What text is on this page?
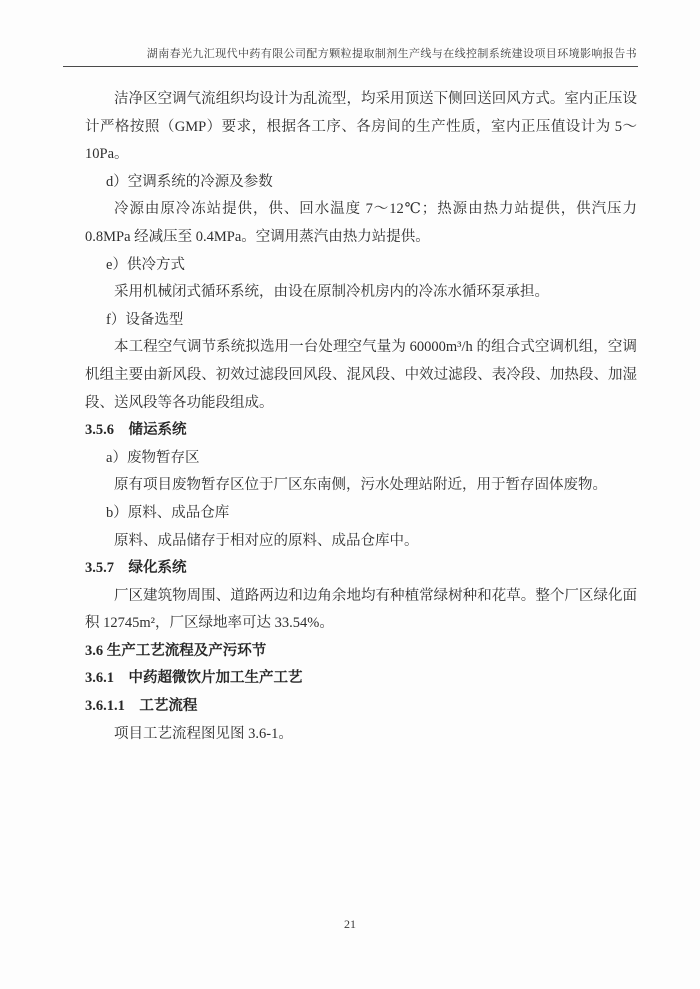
湖南春光九汇现代中药有限公司配方颗粒提取制剂生产线与在线控制系统建设项目环境影响报告书

洁净区空调气流组织均设计为乱流型，均采用顶送下侧回送回风方式。室内正压设计严格按照（GMP）要求，根据各工序、各房间的生产性质，室内正压值设计为 5～10Pa。

d）空调系统的冷源及参数

冷源由原冷冻站提供，供、回水温度 7～12℃；热源由热力站提供，供汽压力 0.8MPa 经减压至 0.4MPa。空调用蒸汽由热力站提供。

e）供冷方式

采用机械闭式循环系统，由设在原制冷机房内的冷冻水循环泵承担。

f）设备选型

本工程空气调节系统拟选用一台处理空气量为 60000m³/h 的组合式空调机组，空调机组主要由新风段、初效过滤段回风段、混风段、中效过滤段、表冷段、加热段、加湿段、送风段等各功能段组成。

3.5.6　储运系统

a）废物暂存区

原有项目废物暂存区位于厂区东南侧，污水处理站附近，用于暂存固体废物。

b）原料、成品仓库

原料、成品储存于相对应的原料、成品仓库中。

3.5.7　绿化系统

厂区建筑物周围、道路两边和边角余地均有种植常绿树种和花草。整个厂区绿化面积 12745m²，厂区绿地率可达 33.54%。

3.6 生产工艺流程及产污环节

3.6.1　中药超微饮片加工生产工艺

3.6.1.1　工艺流程

项目工艺流程图见图 3.6-1。

21
